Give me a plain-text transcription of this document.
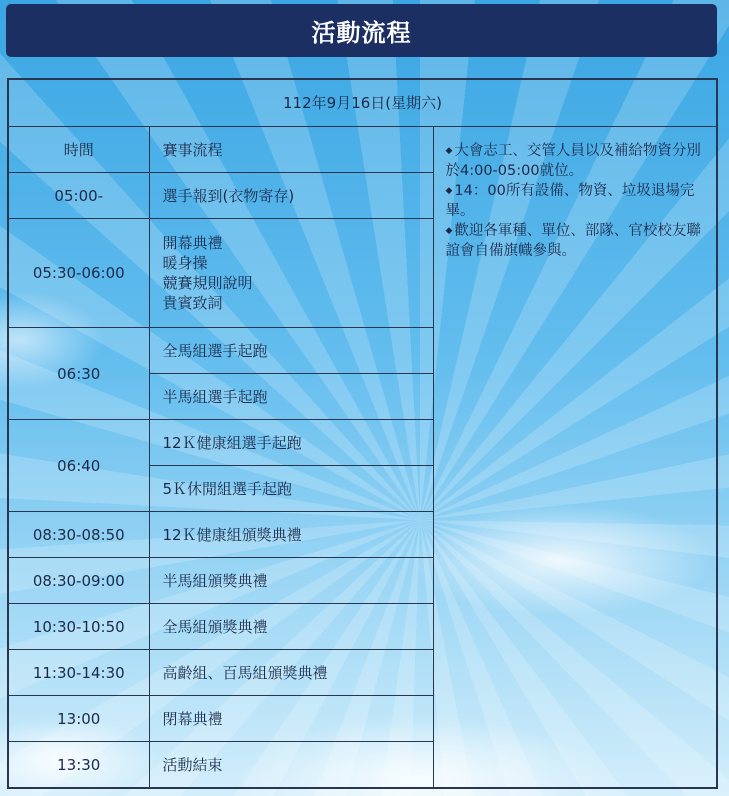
活動流程
112年9月16日(星期六)		
時間	賽事流程	◆ 大會志工、交管人員以及補給物資分別於4:00-05:00就位。
◆ 14：00所有設備、物資、垃圾退場完畢。
◆ 歡迎各軍種、單位、部隊、官校校友聯誼會自備旗幟參與。

05:00-	選手報到(衣物寄存)	
05:30-06:00	開幕典禮
暖身操
競賽規則說明
貴賓致詞	

06:30	全馬組選手起跑	
	半馬組選手起跑	
06:40	12Ｋ健康組選手起跑	
	5Ｋ休閒組選手起跑	
08:30-08:50	12Ｋ健康組頒獎典禮	
08:30-09:00	半馬組頒獎典禮	
10:30-10:50	全馬組頒獎典禮	
11:30-14:30	高齡組、百馬組頒獎典禮	
13:00	閉幕典禮	
13:30	活動結束	
